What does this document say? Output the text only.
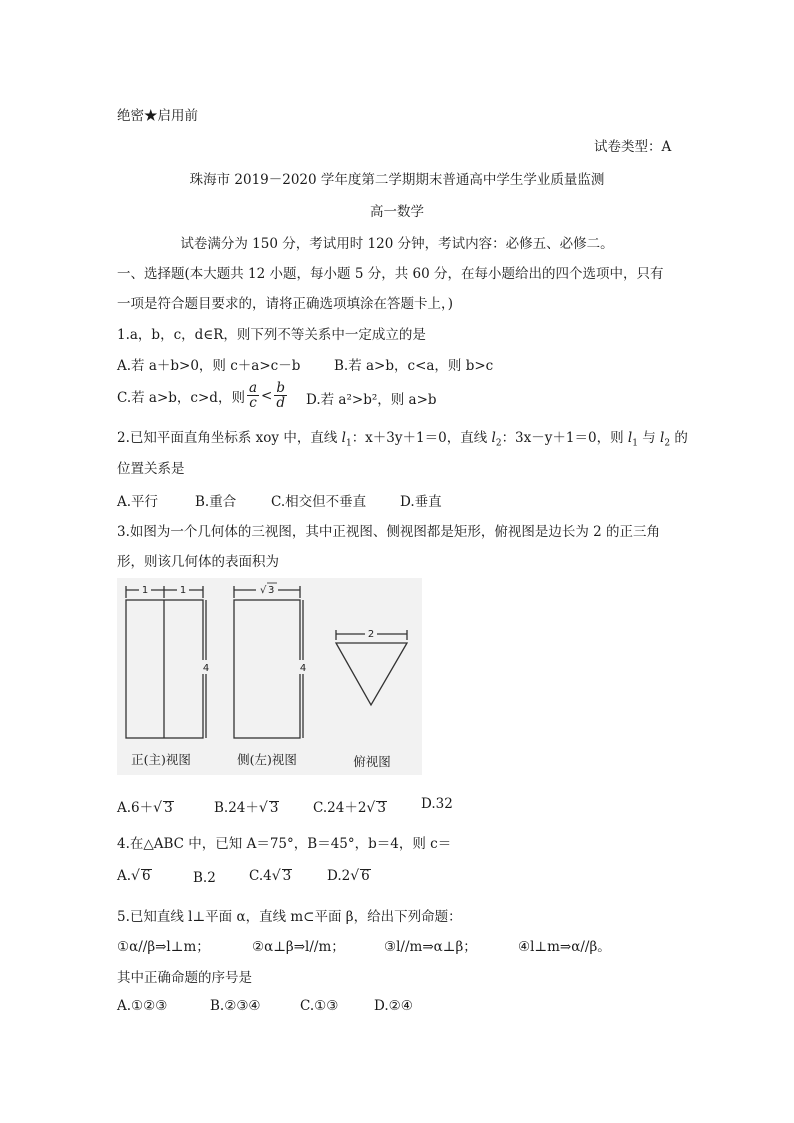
绝密★启用前
试卷类型：A
珠海市 2019－2020 学年度第二学期期末普通高中学生学业质量监测
高一数学
试卷满分为 150 分，考试用时 120 分钟，考试内容：必修五、必修二。
一、选择题(本大题共 12 小题，每小题 5 分，共 60 分，在每小题给出的四个选项中，只有
一项是符合题目要求的，请将正确选项填涂在答题卡上，)
1.a，b，c，d∈R，则下列不等关系中一定成立的是
A.若 a＋b>0，则 c＋a>c－b B.若 a>b，c<a，则 b>c
C.若 a>b，c>d，则 $\frac{a}{c} < \frac{b}{d} D$.若 a²>b²，则 a>b
2.已知平面直角坐标系 xoy 中，直线 $l_1$：x＋3y＋1＝0，直线 $l_2$：3x－y＋1＝0，则 $l_1$ 与 $l_2$ 的
位置关系是
A.平行	B.重合	C.相交但不垂直	D.垂直
3.如图为一个几何体的三视图，其中正视图、侧视图都是矩形，俯视图是边长为 2 的正三角
形，则该几何体的表面积为
1	1
4
正(主)视图
√ 3
4
侧(左)视图
2
俯视图
A.6＋√ 3	B.24＋√ 3	C.24＋2√ 3	D.32
4.在△ABC 中，已知 A＝75°，B＝45°，b＝4，则 c＝
A.√ 6	B.2 C.4√ 3	D.2√ 6
5.已知直线 l⊥平面 α，直线 m⊂平面 β，给出下列命题：
①α//β⇒l⊥m；	②α⊥β⇒l//m；	③l//m⇒α⊥β；	④l⊥m⇒α//β。
其中正确命题的序号是
A.①②③	B.②③④	C.①③	D.②④
